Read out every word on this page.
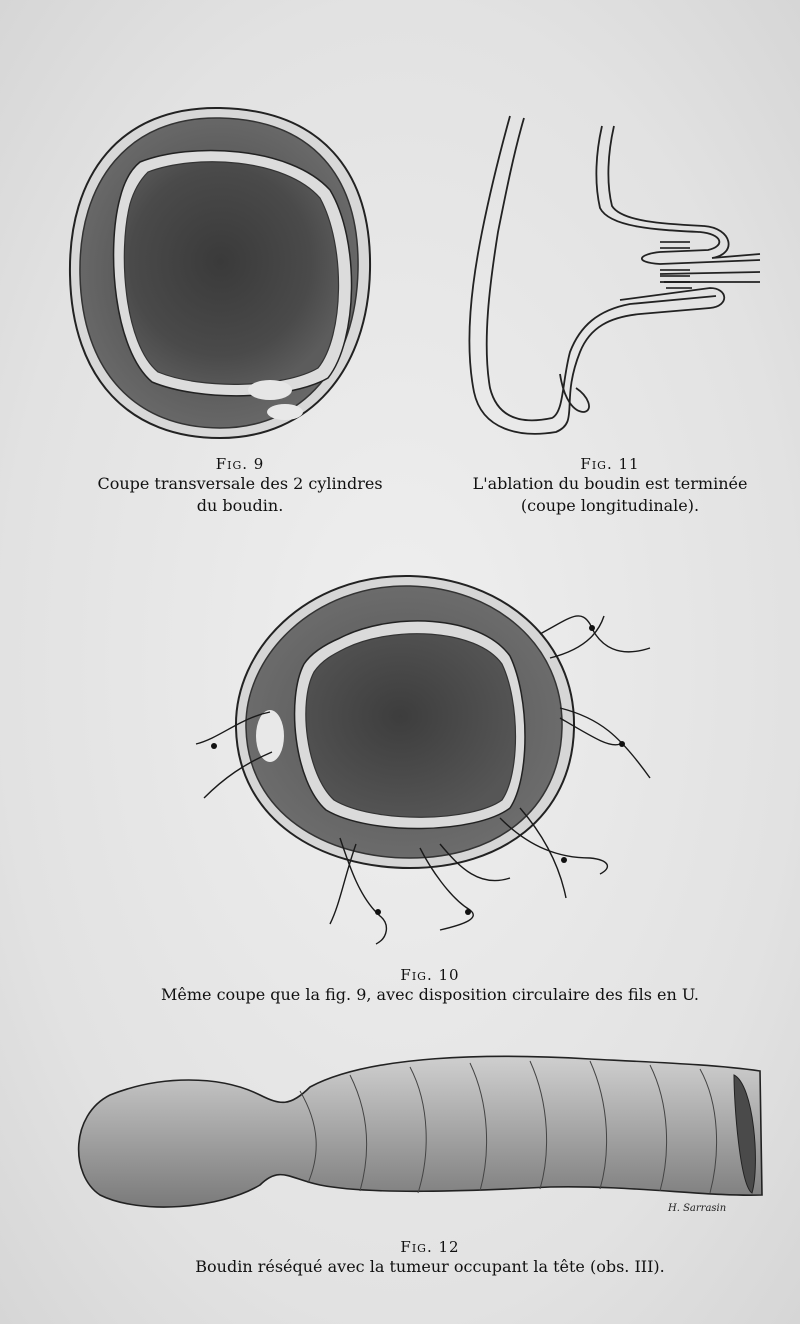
Fig. 9
Coupe transversale des 2 cylindres
du boudin.
Fig. 11
L'ablation du boudin est terminée
(coupe longitudinale).
Fig. 10
Même coupe que la fig. 9, avec disposition circulaire des fils en U.
H. Sarrasin
Fig. 12
Boudin réséqué avec la tumeur occupant la tête (obs. III).
